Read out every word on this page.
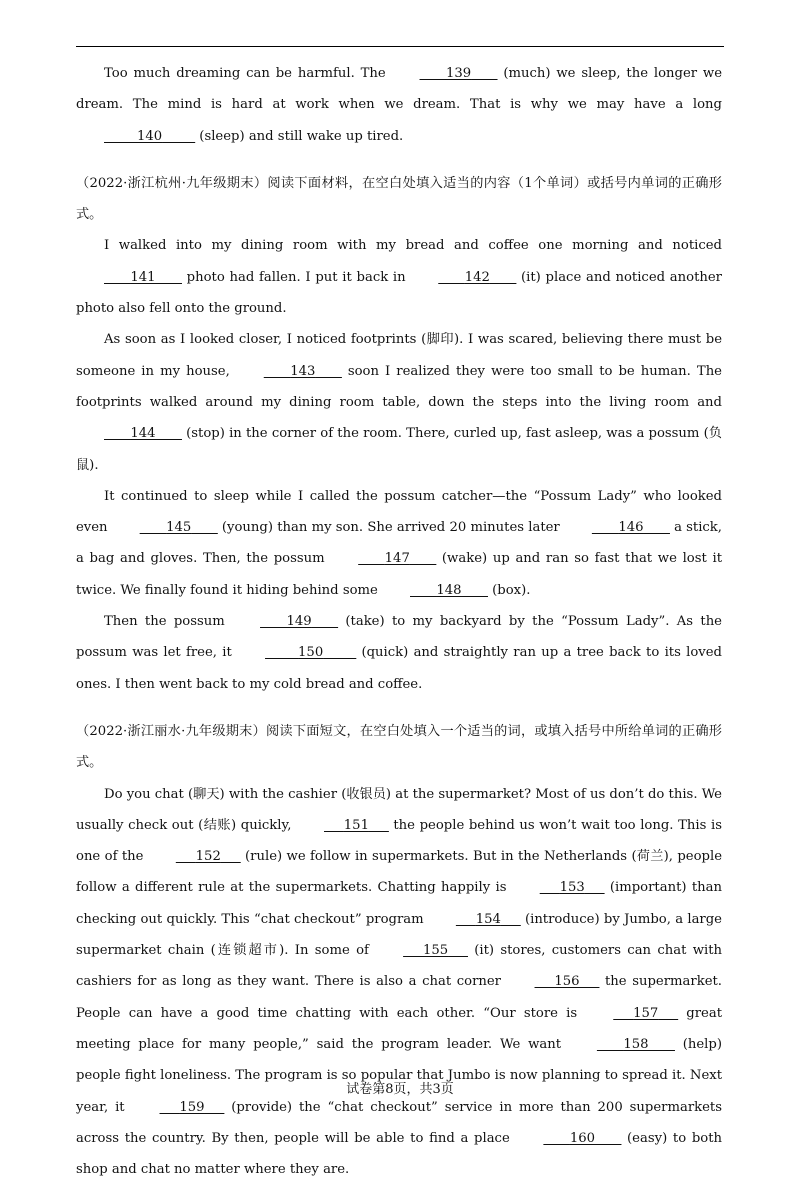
Too much dreaming can be harmful. The	139 (much) we sleep, the longer we dream. The mind is hard at work when we dream. That is why we may have a long 140 (sleep) and still wake up tired.

（2022·浙江杭州·九年级期末）阅读下面材料，在空白处填入适当的内容（1个单词）或括号内单词的正确形式。

I walked into my dining room with my bread and coffee one morning and noticed 141 photo had fallen. I put it back in	142 (it) place and noticed another photo also fell onto the ground.

As soon as I looked closer, I noticed footprints (脚印). I was scared, believing there must be someone in my house,	143 soon I realized they were too small to be human. The footprints walked around my dining room table, down the steps into the living room and 144 (stop) in the corner of the room. There, curled up, fast asleep, was a possum (负鼠).

It continued to sleep while I called the possum catcher—the “Possum Lady” who looked even	145 (young) than my son. She arrived 20 minutes later	146 a stick, a bag and gloves. Then, the possum	147 (wake) up and ran so fast that we lost it twice. We finally found it hiding behind some	148 (box).

Then the possum	149 (take) to my backyard by the “Possum Lady”. As the possum was let free, it	150 (quick) and straightly ran up a tree back to its loved ones. I then went back to my cold bread and coffee.

（2022·浙江丽水·九年级期末）阅读下面短文，在空白处填入一个适当的词，或填入括号中所给单词的正确形式。

Do you chat (聊天) with the cashier (收银员) at the supermarket? Most of us don’t do this. We usually check out (结账) quickly,	151 the people behind us won’t wait too long. This is one of the	152 (rule) we follow in supermarkets. But in the Netherlands (荷兰), people follow a different rule at the supermarkets. Chatting happily is	153 (important) than checking out quickly. This “chat checkout” program	154 (introduce) by Jumbo, a large supermarket chain (连锁超市). In some of	155 (it) stores, customers can chat with cashiers for as long as they want. There is also a chat corner	156 the supermarket. People can have a good time chatting with each other. “Our store is	157 great meeting place for many people,” said the program leader. We want	158 (help) people fight loneliness. The program is so popular that Jumbo is now planning to spread it. Next year, it	159 (provide) the “chat checkout” service in more than 200 supermarkets across the country. By then, people will be able to find a place	160 (easy) to both shop and chat no matter where they are.

试卷第8页，共3页
